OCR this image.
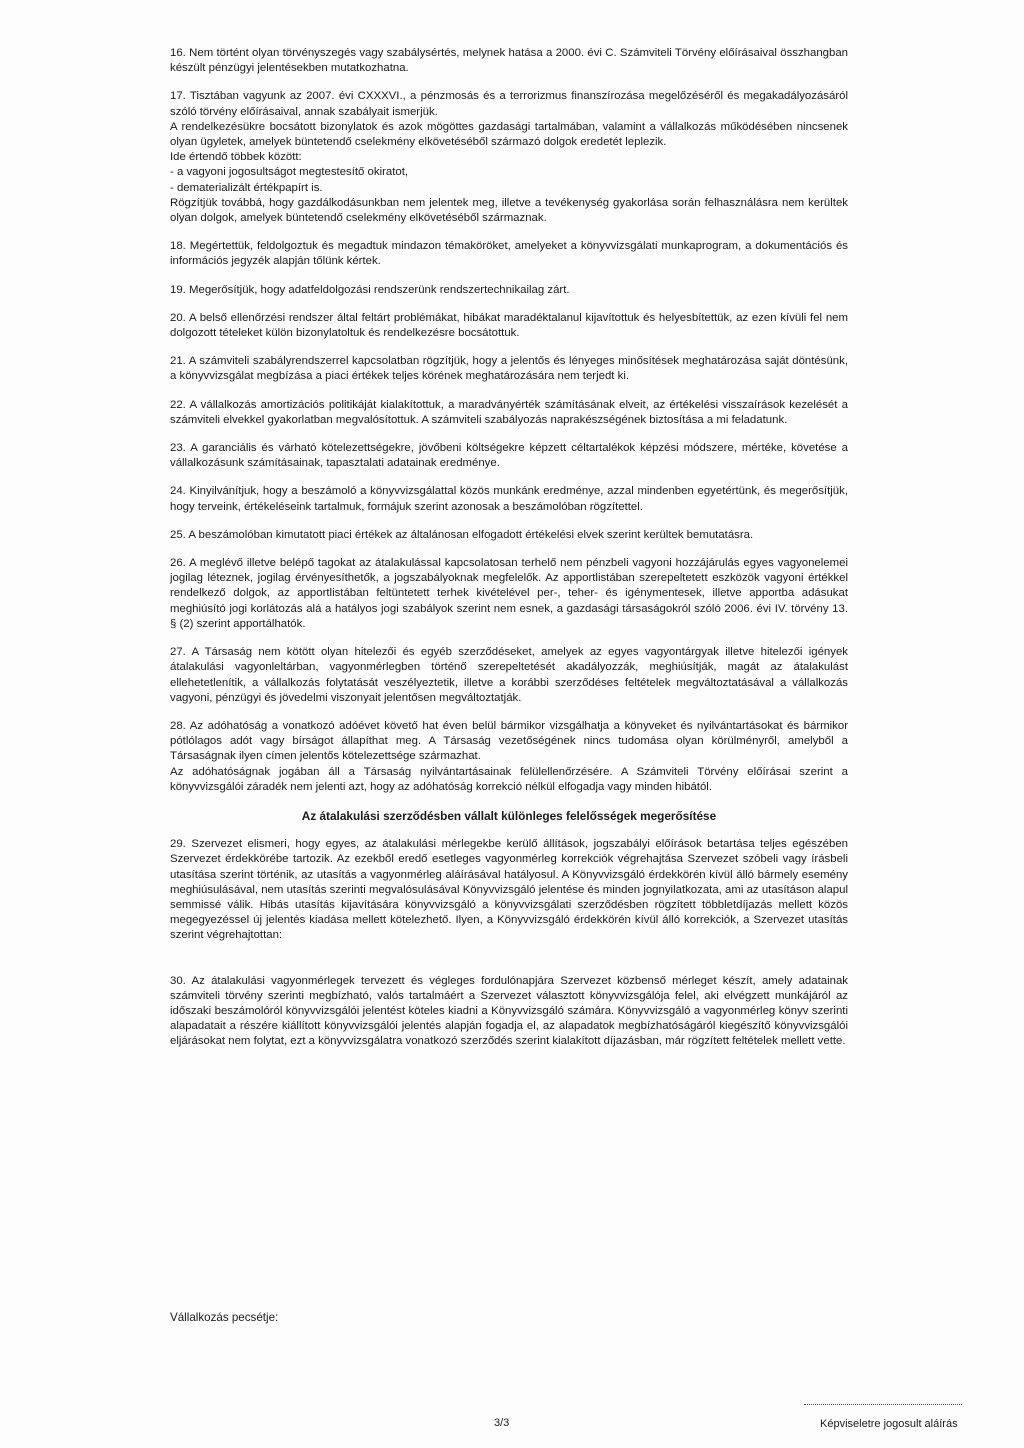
16. Nem történt olyan törvényszegés vagy szabálysértés, melynek hatása a 2000. évi C. Számviteli Törvény előírásaival összhangban készült pénzügyi jelentésekben mutatkozhatna.

17. Tisztában vagyunk az 2007. évi CXXXVI., a pénzmosás és a terrorizmus finanszírozása megelőzéséről és megakadályozásáról szóló törvény előírásaival, annak szabályait ismerjük.

A rendelkezésükre bocsátott bizonylatok és azok mögöttes gazdasági tartalmában, valamint a vállalkozás működésében nincsenek olyan ügyletek, amelyek büntetendő cselekmény elkövetéséből származó dolgok eredetét leplezik.

Ide értendő többek között:

- a vagyoni jogosultságot megtestesítő okiratot,

- dematerializált értékpapírt is.

Rögzítjük továbbá, hogy gazdálkodásunkban nem jelentek meg, illetve a tevékenység gyakorlása során felhasználásra nem kerültek olyan dolgok, amelyek büntetendő cselekmény elkövetéséből származnak.

18. Megértettük, feldolgoztuk és megadtuk mindazon témaköröket, amelyeket a könyvvizsgálati munkaprogram, a dokumentációs és információs jegyzék alapján tőlünk kértek.

19. Megerősítjük, hogy adatfeldolgozási rendszerünk rendszertechnikailag zárt.

20. A belső ellenőrzési rendszer által feltárt problémákat, hibákat maradéktalanul kijavítottuk és helyesbítettük, az ezen kívüli fel nem dolgozott tételeket külön bizonylatoltuk és rendelkezésre bocsátottuk.

21. A számviteli szabályrendszerrel kapcsolatban rögzítjük, hogy a jelentős és lényeges minősítések meghatározása saját döntésünk, a könyvvizsgálat megbízása a piaci értékek teljes körének meghatározására nem terjedt ki.

22. A vállalkozás amortizációs politikáját kialakítottuk, a maradványérték számításának elveit, az értékelési visszaírások kezelését a számviteli elvekkel gyakorlatban megvalósítottuk. A számviteli szabályozás naprakészségének biztosítása a mi feladatunk.

23. A garanciális és várható kötelezettségekre, jövőbeni költségekre képzett céltartalékok képzési módszere, mértéke, követése a vállalkozásunk számításainak, tapasztalati adatainak eredménye.

24. Kinyilvánítjuk, hogy a beszámoló a könyvvizsgálattal közös munkánk eredménye, azzal mindenben egyetértünk, és megerősítjük, hogy terveink, értékeléseink tartalmuk, formájuk szerint azonosak a beszámolóban rögzítettel.

25. A beszámolóban kimutatott piaci értékek az általánosan elfogadott értékelési elvek szerint kerültek bemutatásra.

26. A meglévő illetve belépő tagokat az átalakulással kapcsolatosan terhelő nem pénzbeli vagyoni hozzájárulás egyes vagyonelemei jogilag léteznek, jogilag érvényesíthetők, a jogszabályoknak megfelelők. Az apportlistában szerepeltetett eszközök vagyoni értékkel rendelkező dolgok, az apportlistában feltüntetett terhek kivételével per-, teher- és igénymentesek, illetve apportba adásukat meghiúsító jogi korlátozás alá a hatályos jogi szabályok szerint nem esnek, a gazdasági társaságokról szóló 2006. évi IV. törvény 13. § (2) szerint apportálhatók.

27. A Társaság nem kötött olyan hitelezői és egyéb szerződéseket, amelyek az egyes vagyontárgyak illetve hitelezői igények átalakulási vagyonleltárban, vagyonmérlegben történő szerepeltetését akadályozzák, meghiúsítják, magát az átalakulást ellehetetlenítik, a vállalkozás folytatását veszélyeztetik, illetve a korábbi szerződéses feltételek megváltoztatásával a vállalkozás vagyoni, pénzügyi és jövedelmi viszonyait jelentősen megváltoztatják.

28. Az adóhatóság a vonatkozó adóévet követő hat éven belül bármikor vizsgálhatja a könyveket és nyilvántartásokat és bármikor pótlólagos adót vagy bírságot állapíthat meg. A Társaság vezetőségének nincs tudomása olyan körülményről, amelyből a Társaságnak ilyen címen jelentős kötelezettsége származhat.

Az adóhatóságnak jogában áll a Társaság nyilvántartásainak felülellenőrzésére. A Számviteli Törvény előírásai szerint a könyvvizsgálói záradék nem jelenti azt, hogy az adóhatóság korrekció nélkül elfogadja vagy minden hibától.

Az átalakulási szerződésben vállalt különleges felelősségek megerősítése

29. Szervezet elismeri, hogy egyes, az átalakulási mérlegekbe kerülő állítások, jogszabályi előírások betartása teljes egészében Szervezet érdekkörébe tartozik. Az ezekből eredő esetleges vagyonmérleg korrekciók végrehajtása Szervezet szóbeli vagy írásbeli utasítása szerint történik, az utasítás a vagyonmérleg aláírásával hatályosul. A Könyvvizsgáló érdekkörén kívül álló bármely esemény meghiúsulásával, nem utasítás szerinti megvalósulásával Könyvvizsgáló jelentése és minden jognyilatkozata, ami az utasításon alapul semmissé válik. Hibás utasítás kijavítására könyvvizsgáló a könyvvizsgálati szerződésben rögzített többletdíjazás mellett közös megegyezéssel új jelentés kiadása mellett kötelezhető. Ilyen, a Könyvvizsgáló érdekkörén kívül álló korrekciók, a Szervezet utasítás szerint végrehajtottan:

30. Az átalakulási vagyonmérlegek tervezett és végleges fordulónapjára Szervezet közbenső mérleget készít, amely adatainak számviteli törvény szerinti megbízható, valós tartalmáért a Szervezet választott könyvvizsgálója felel, aki elvégzett munkájáról az időszaki beszámolóról könyvvizsgálói jelentést köteles kiadni a Könyvvizsgáló számára. Könyvvizsgáló a vagyonmérleg könyv szerinti alapadatait a részére kiállított könyvvizsgálói jelentés alapján fogadja el, az alapadatok megbízhatóságáról kiegészítő könyvvizsgálói eljárásokat nem folytat, ezt a könyvvizsgálatra vonatkozó szerződés szerint kialakított díjazásban, már rögzített feltételek mellett vette.

Vállalkozás pecsétje:
3/3	Képviseletre jogosult aláírás
